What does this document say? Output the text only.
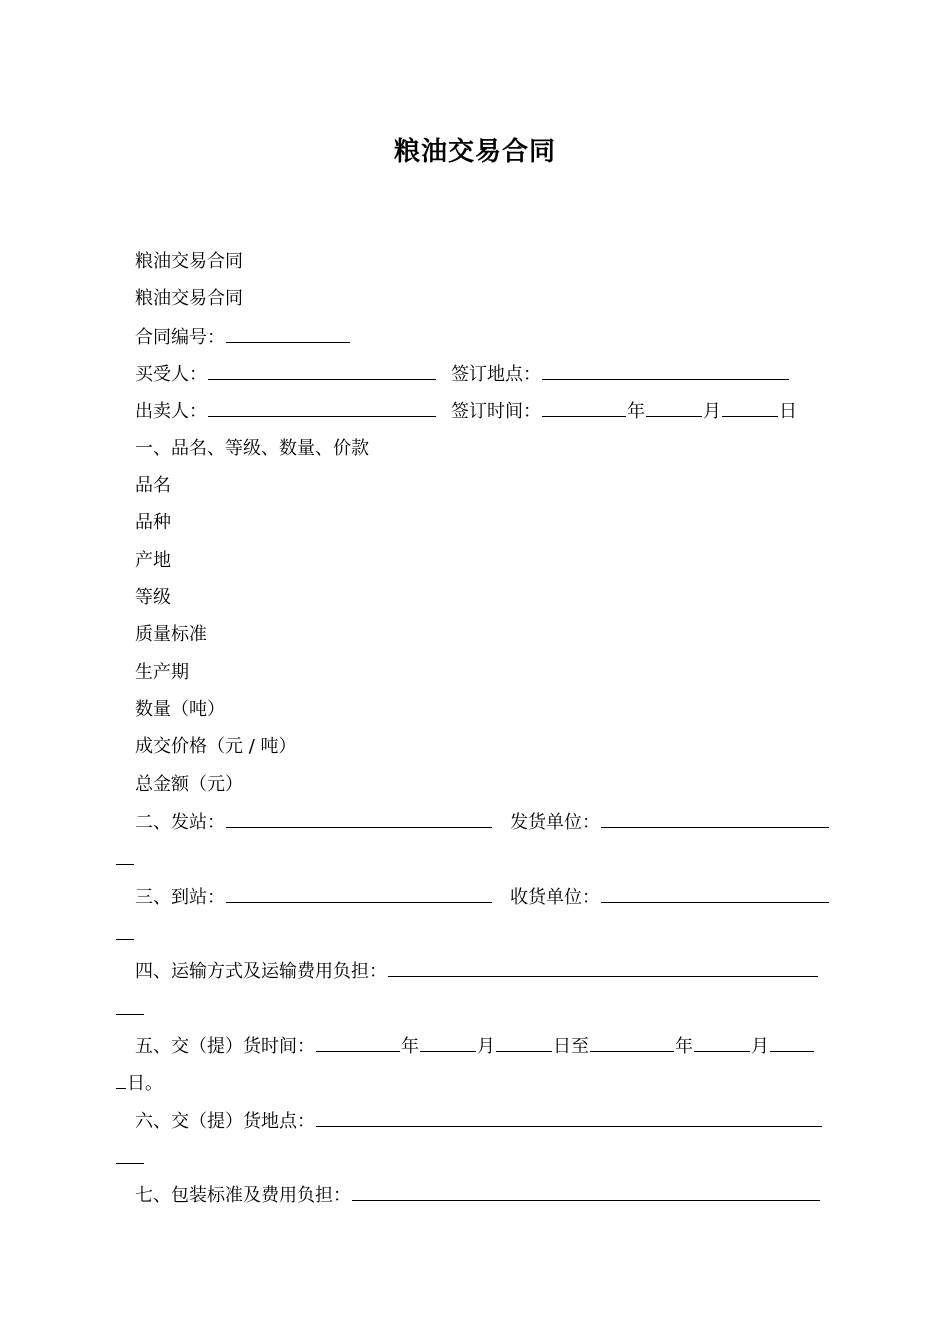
粮油交易合同
粮油交易合同
粮油交易合同
合同编号：
买受人：	签订地点：
出卖人：	签订时间：	年	月	日
一、品名、等级、数量、价款
品名
品种
产地
等级
质量标准
生产期
数量（吨）
成交价格（元 / 吨）
总金额（元）
二、发站：	发货单位：
三、到站：	收货单位：
四、运输方式及运输费用负担：
五、交（提）货时间：	年	月	日至	年	月
日。
六、交（提）货地点：
七、包装标准及费用负担：
